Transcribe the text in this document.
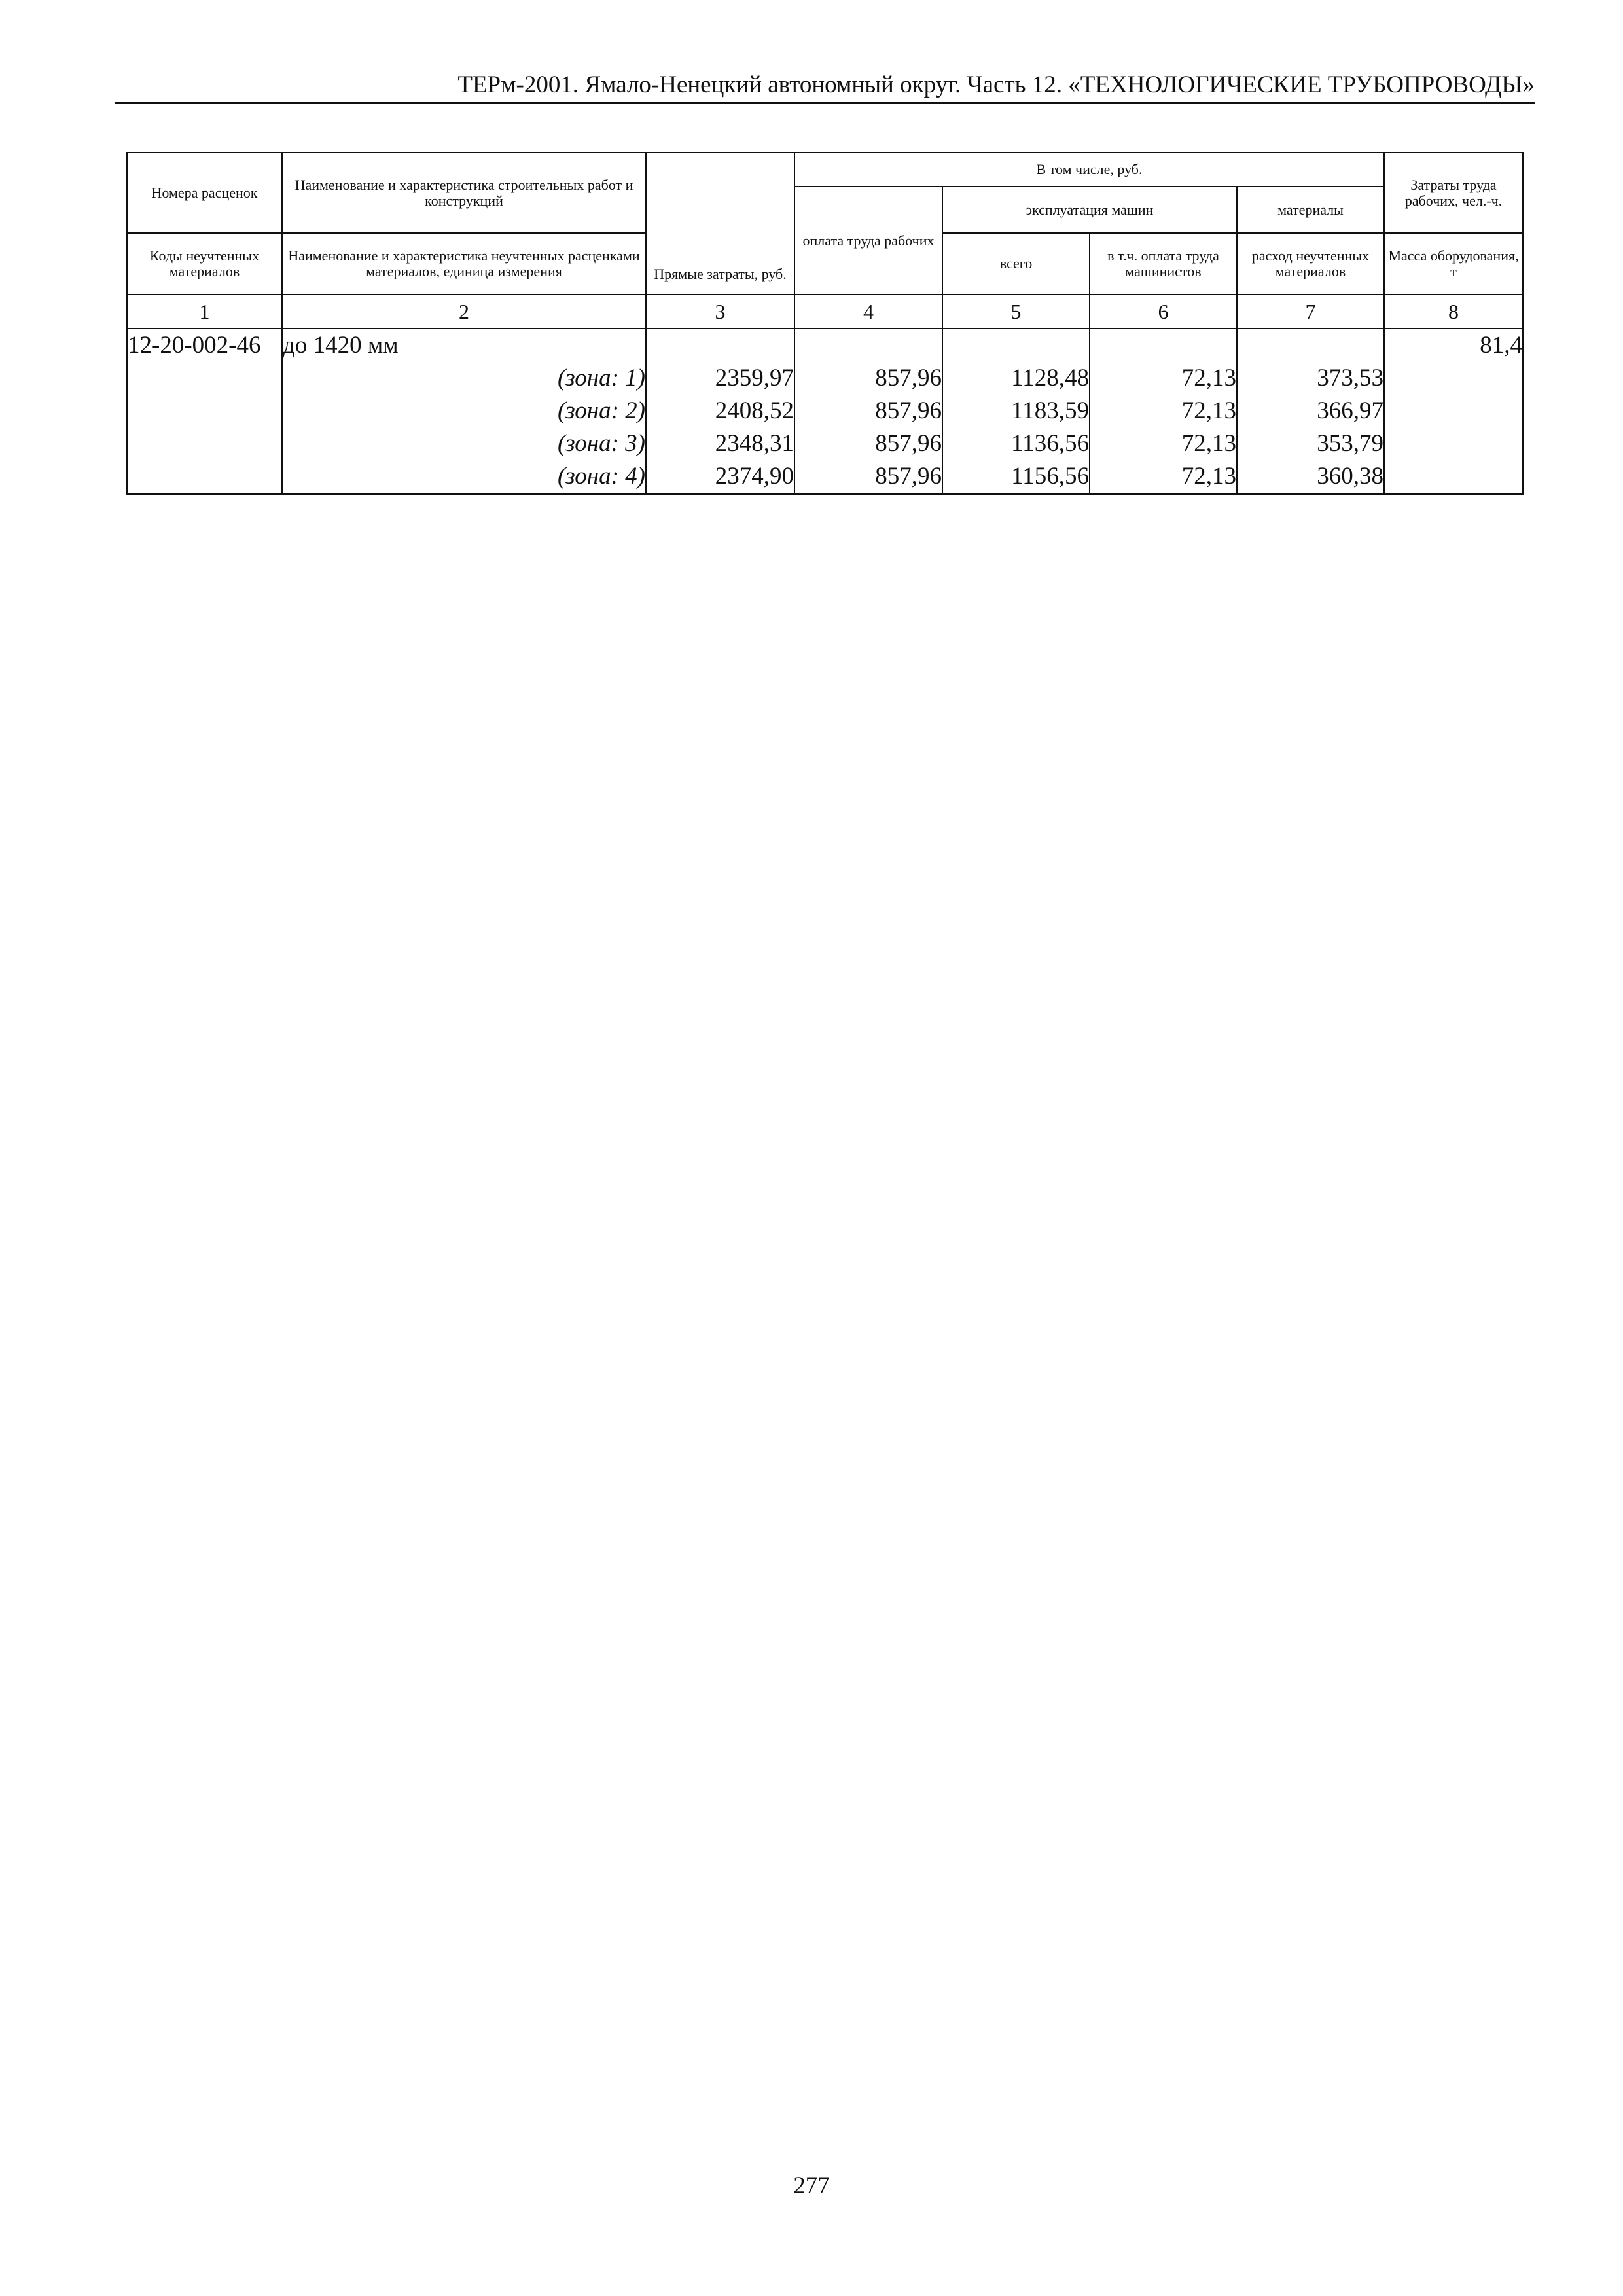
ТЕРм-2001. Ямало-Ненецкий автономный округ. Часть 12. «ТЕХНОЛОГИЧЕСКИЕ ТРУБОПРОВОДЫ»
Номера расценок	Наименование и характеристика строительных работ и конструкций	Прямые затраты, руб.	В том числе, руб.				Затраты труда рабочих, чел.-ч.
			оплата труда рабочих	эксплуатация машин		материалы	

Коды неучтенных материалов	Наименование и характеристика неучтенных расценками материалов, единица измерения			всего	в т.ч. оплата труда машинистов	расход неучтенных материалов	Масса оборудования, т
1	2	3	4	5	6	7	8
12-20-002-46	до 1420 мм						81,4
	(зона: 1)	2359,97	857,96	1128,48	72,13	373,53	
	(зона: 2)	2408,52	857,96	1183,59	72,13	366,97	
	(зона: 3)	2348,31	857,96	1136,56	72,13	353,79	
	(зона: 4)	2374,90	857,96	1156,56	72,13	360,38	
277
